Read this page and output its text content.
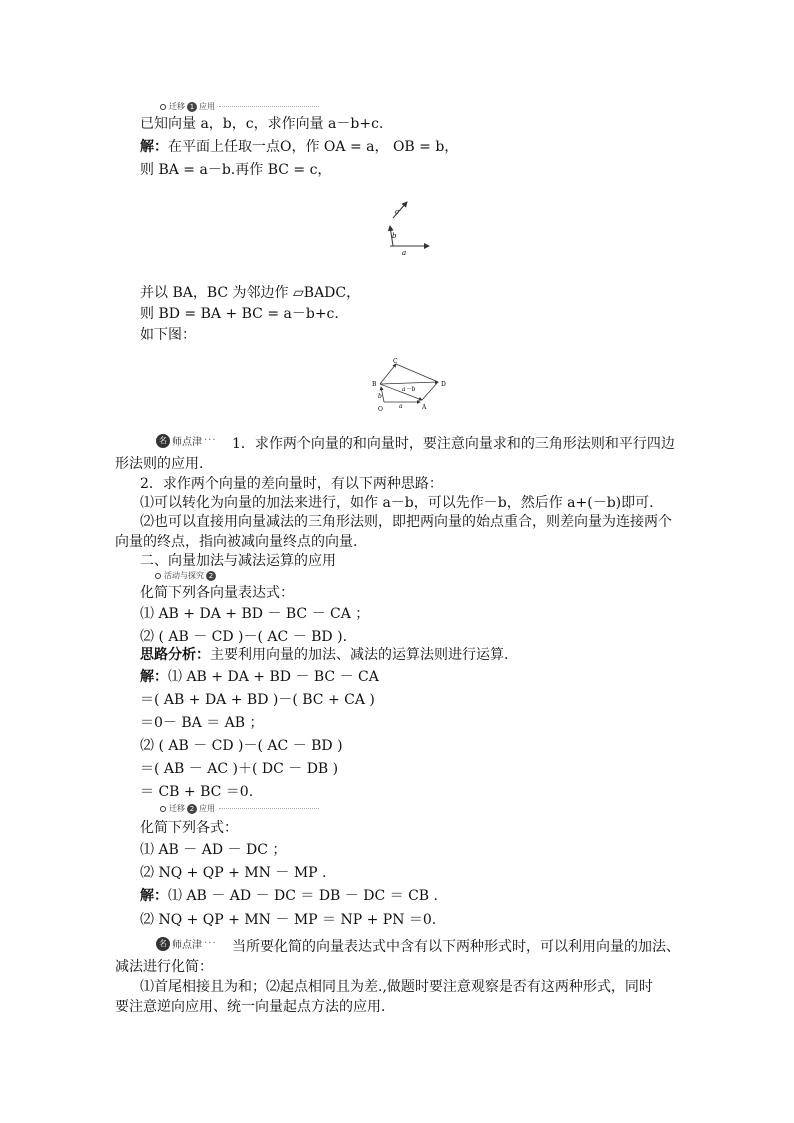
迁移 1 应用
已知向量 a，b，c，求作向量 a－b+c.
解：在平面上任取一点O，作 OA = a， OB = b，
则 BA = a－b.再作 BC = c，
c
b
a
并以 BA，BC 为邻边作 ▱BADC，
则 BD = BA + BC = a－b+c.
如下图：
C
B	D
b
a－b
a
O	A
名 师点津 ··· 1．求作两个向量的和向量时，要注意向量求和的三角形法则和平行四边
形法则的应用.
2．求作两个向量的差向量时，有以下两种思路：
⑴可以转化为向量的加法来进行，如作 a－b，可以先作－b，然后作 a+(－b)即可.
⑵也可以直接用向量减法的三角形法则，即把两向量的始点重合，则差向量为连接两个
向量的终点，指向被减向量终点的向量.
二、向量加法与减法运算的应用
活动与探究 2
化简下列各向量表达式：
⑴ AB + DA + BD － BC － CA ；
⑵ ( AB － CD )－( AC － BD ).
思路分析：主要利用向量的加法、减法的运算法则进行运算.
解：⑴ AB + DA + BD － BC － CA
＝( AB + DA + BD )－( BC + CA )
＝0－ BA ＝ AB ；
⑵ ( AB － CD )－( AC － BD )
＝( AB － AC )＋( DC － DB )
＝ CB + BC ＝0.
迁移 2 应用
化简下列各式：
⑴ AB － AD － DC ；
⑵ NQ + QP + MN － MP .
解：⑴ AB － AD － DC ＝ DB － DC ＝ CB .
⑵ NQ + QP + MN － MP ＝ NP + PN ＝0.
名 师点津 ··· 当所要化简的向量表达式中含有以下两种形式时，可以利用向量的加法、
减法进行化简：
⑴首尾相接且为和；⑵起点相同且为差.,做题时要注意观察是否有这两种形式，同时
要注意逆向应用、统一向量起点方法的应用.
